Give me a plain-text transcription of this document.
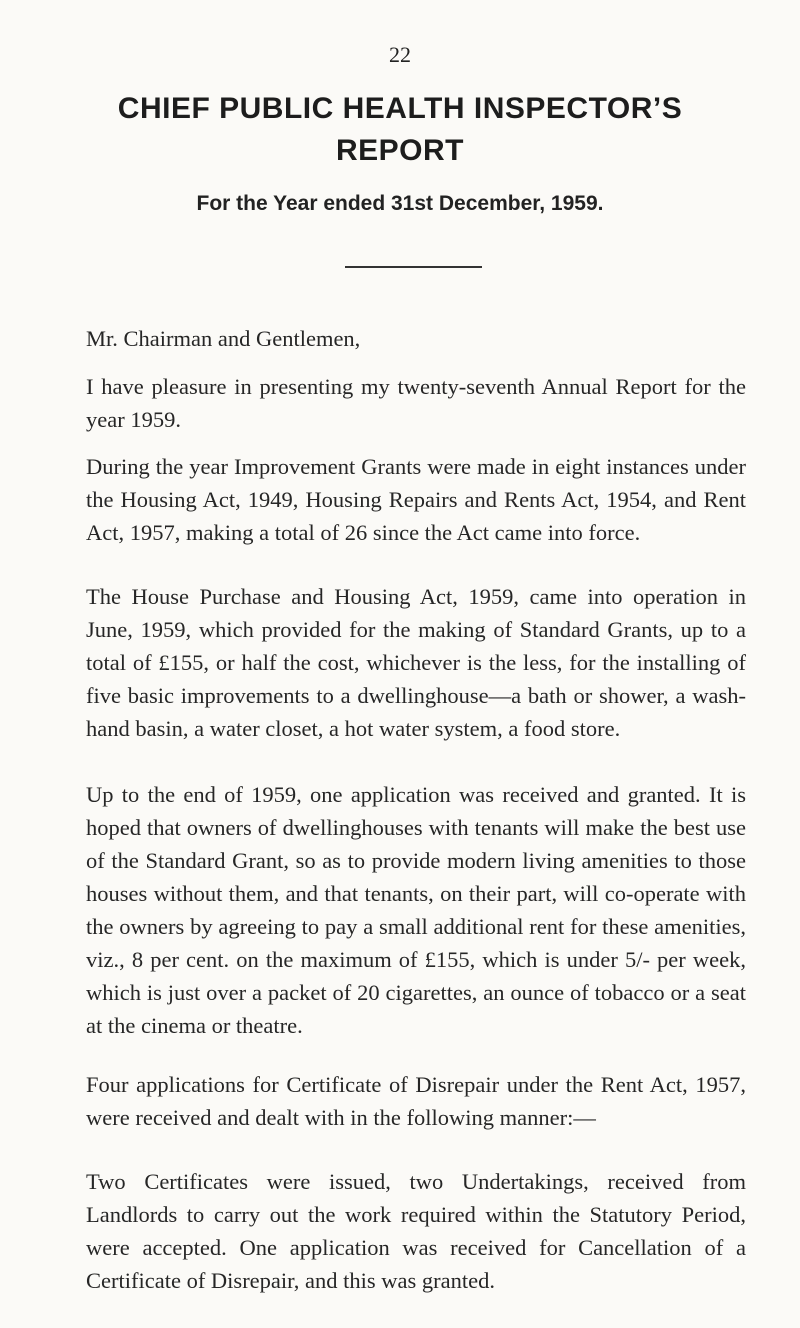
22
CHIEF PUBLIC HEALTH INSPECTOR’S
REPORT
For the Year ended 31st December, 1959.

Mr. Chairman and Gentlemen,

I have pleasure in presenting my twenty-seventh Annual Report for the year 1959.

During the year Improvement Grants were made in eight instances under the Housing Act, 1949, Housing Repairs and Rents Act, 1954, and Rent Act, 1957, making a total of 26 since the Act came into force.

The House Purchase and Housing Act, 1959, came into operation in June, 1959, which provided for the making of Standard Grants, up to a total of £155, or half the cost, whichever is the less, for the installing of five basic improvements to a dwellinghouse—a bath or shower, a wash-hand basin, a water closet, a hot water system, a food store.

Up to the end of 1959, one application was received and granted. It is hoped that owners of dwellinghouses with tenants will make the best use of the Standard Grant, so as to provide modern living amenities to those houses without them, and that tenants, on their part, will co-operate with the owners by agreeing to pay a small additional rent for these amenities, viz., 8 per cent. on the maximum of £155, which is under 5/- per week, which is just over a packet of 20 cigarettes, an ounce of tobacco or a seat at the cinema or theatre.

Four applications for Certificate of Disrepair under the Rent Act, 1957, were received and dealt with in the following manner:—

Two Certificates were issued, two Undertakings, received from Landlords to carry out the work required within the Statutory Period, were accepted. One application was received for Cancellation of a Certificate of Disrepair, and this was granted.
